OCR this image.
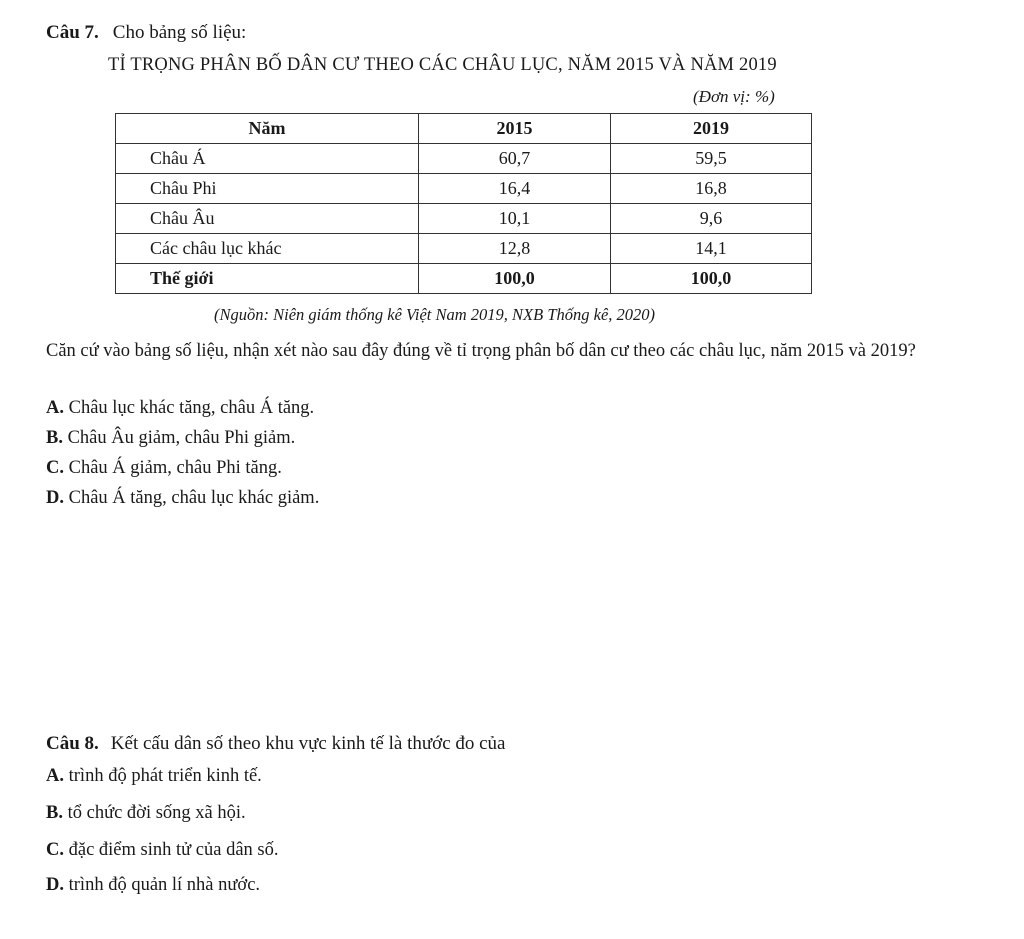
Câu 7. Cho bảng số liệu:
TỈ TRỌNG PHÂN BỐ DÂN CƯ THEO CÁC CHÂU LỤC, NĂM 2015 VÀ NĂM 2019
(Đơn vị: %)
Năm	2015	2019
Châu Á	60,7	59,5
Châu Phi	16,4	16,8
Châu Âu	10,1	9,6
Các châu lục khác	12,8	14,1
Thế giới	100,0	100,0
(Nguồn: Niên giám thống kê Việt Nam 2019, NXB Thống kê, 2020)
Căn cứ vào bảng số liệu, nhận xét nào sau đây đúng về tỉ trọng phân bố dân cư theo các châu lục, năm 2015 và 2019?
A. Châu lục khác tăng, châu Á tăng.
B. Châu Âu giảm, châu Phi giảm.
C. Châu Á giảm, châu Phi tăng.
D. Châu Á tăng, châu lục khác giảm.
Câu 8. Kết cấu dân số theo khu vực kinh tế là thước đo của
A. trình độ phát triển kinh tế.
B. tổ chức đời sống xã hội.
C. đặc điểm sinh tử của dân số.
D. trình độ quản lí nhà nước.
